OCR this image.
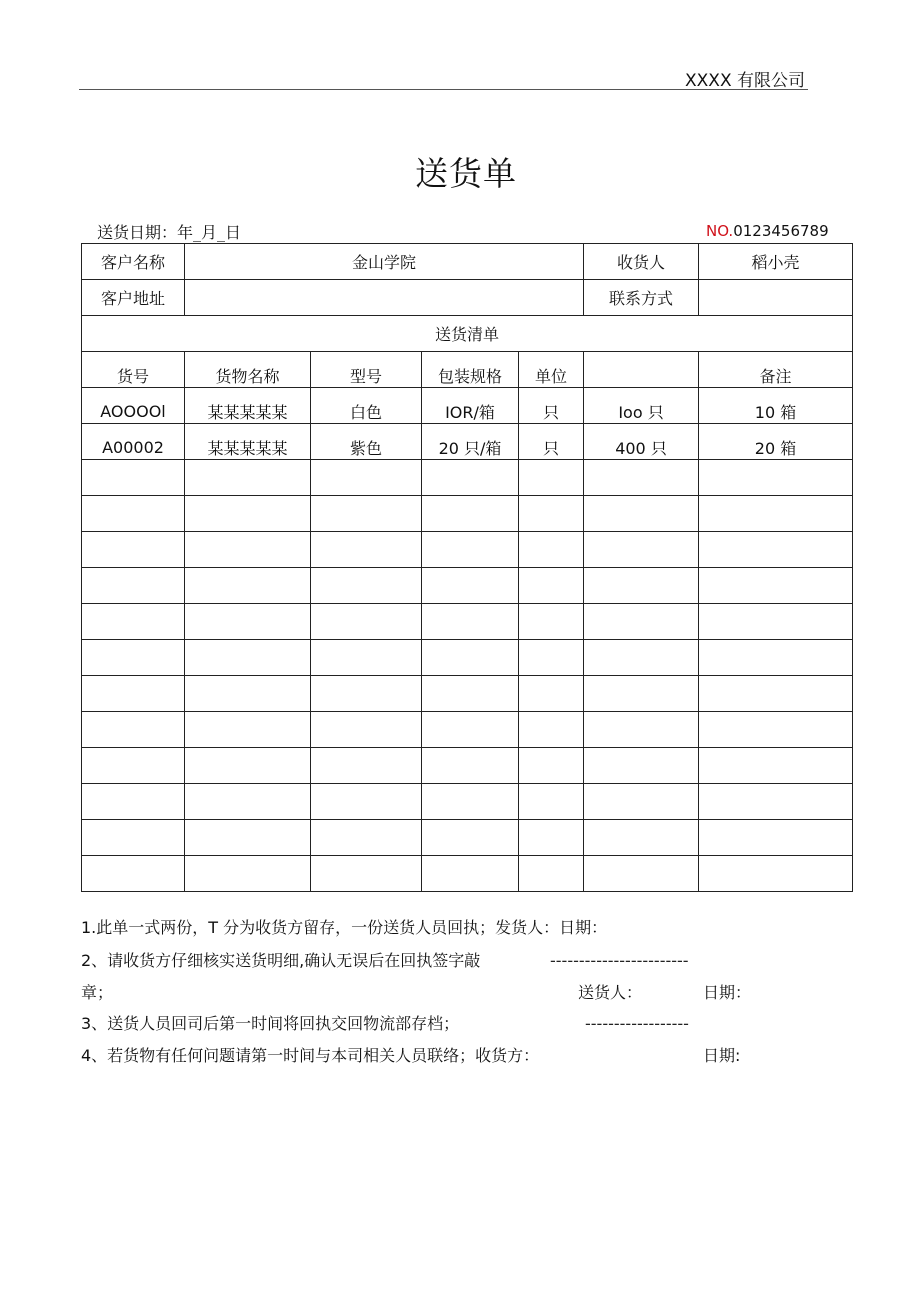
XXXX 有限公司
送货单
送货日期：年_月_日	NO.0123456789
客户名称	金山学院				收货人	稻小壳
客户地址					联系方式	
送货清单						
货号	货物名称	型号	包装规格	单位		备注
AOOOOl	某某某某某	白色	IOR/箱	只	Ioo 只	10 箱
A00002	某某某某某	紫色	20 只/箱	只	400 只	20 箱

1.此单一式两份，T 分为收货方留存，一份送货人员回执；发货人：日期：
2、请收货方仔细核实送货明细,确认无误后在回执签字敲	------------------------
章；	送货人：	日期：
3、送货人员回司后第一时间将回执交回物流部存档；	------------------
4、若货物有任何问题请第一时间与本司相关人员联络；收货方：	日期:
